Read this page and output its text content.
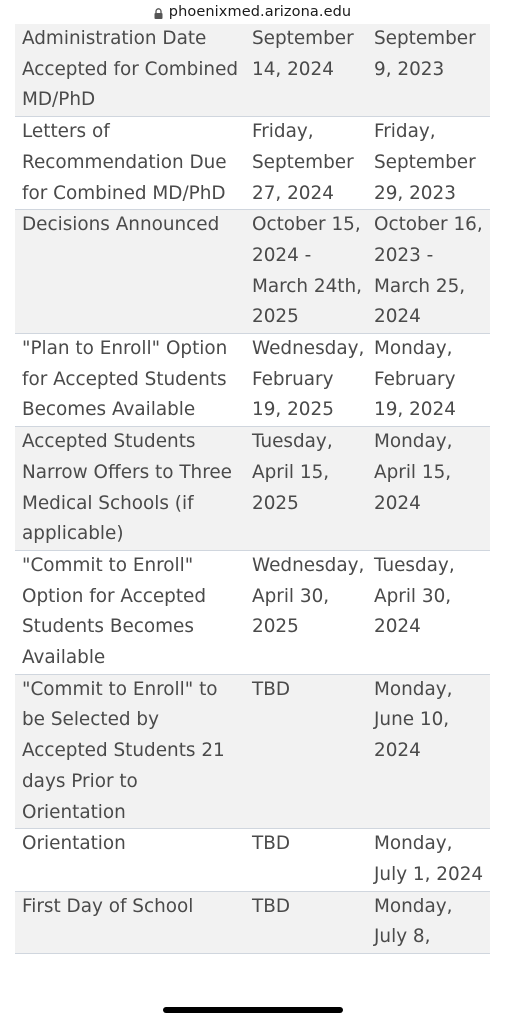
phoenixmed.arizona.edu
Administration Date Accepted for Combined MD/PhD	September 14, 2024	September 9, 2023
Letters of Recommendation Due for Combined MD/PhD	Friday, September 27, 2024	Friday, September 29, 2023
Decisions Announced	October 15, 2024 - March 24th, 2025	October 16, 2023 - March 25, 2024
"Plan to Enroll" Option for Accepted Students Becomes Available	Wednesday, February 19, 2025	Monday, February 19, 2024
Accepted Students Narrow Offers to Three Medical Schools (if applicable)	Tuesday, April 15, 2025	Monday, April 15, 2024
"Commit to Enroll" Option for Accepted Students Becomes Available	Wednesday, April 30, 2025	Tuesday, April 30, 2024
"Commit to Enroll" to be Selected by Accepted Students 21 days Prior to Orientation	TBD	Monday, June 10, 2024
Orientation	TBD	Monday, July 1, 2024
First Day of School	TBD	Monday, July 8,
